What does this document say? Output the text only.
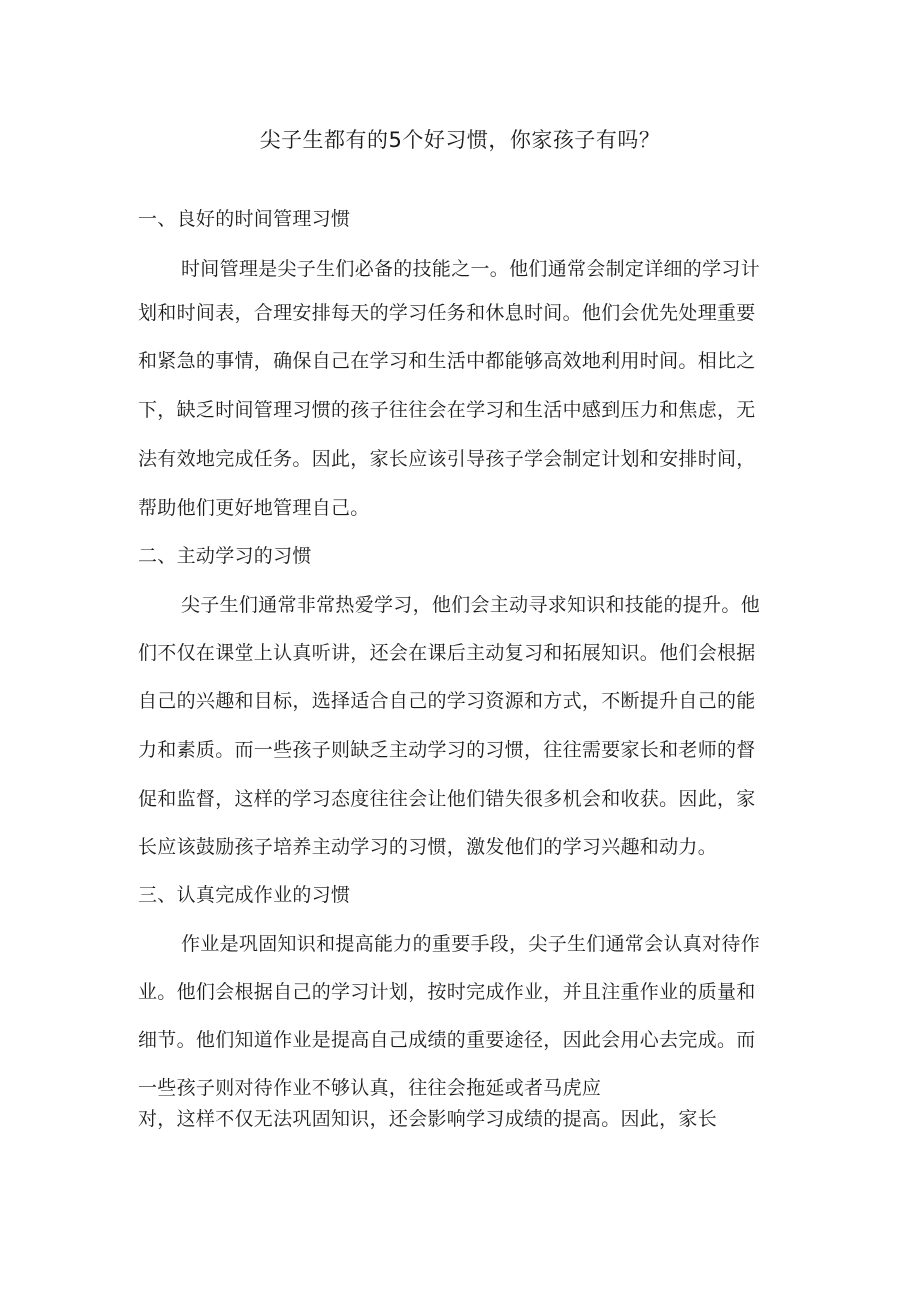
尖子生都有的5个好习惯，你家孩子有吗？

一、良好的时间管理习惯

时间管理是尖子生们必备的技能之一。他们通常会制定详细的学习计

划和时间表，合理安排每天的学习任务和休息时间。他们会优先处理重要

和紧急的事情，确保自己在学习和生活中都能够高效地利用时间。相比之

下，缺乏时间管理习惯的孩子往往会在学习和生活中感到压力和焦虑，无

法有效地完成任务。因此，家长应该引导孩子学会制定计划和安排时间，

帮助他们更好地管理自己。

二、主动学习的习惯

尖子生们通常非常热爱学习，他们会主动寻求知识和技能的提升。他

们不仅在课堂上认真听讲，还会在课后主动复习和拓展知识。他们会根据

自己的兴趣和目标，选择适合自己的学习资源和方式，不断提升自己的能

力和素质。而一些孩子则缺乏主动学习的习惯，往往需要家长和老师的督

促和监督，这样的学习态度往往会让他们错失很多机会和收获。因此，家

长应该鼓励孩子培养主动学习的习惯，激发他们的学习兴趣和动力。

三、认真完成作业的习惯

作业是巩固知识和提高能力的重要手段，尖子生们通常会认真对待作

业。他们会根据自己的学习计划，按时完成作业，并且注重作业的质量和

细节。他们知道作业是提高自己成绩的重要途径，因此会用心去完成。而

一些孩子则对待作业不够认真，往往会拖延或者马虎应

对，这样不仅无法巩固知识，还会影响学习成绩的提高。因此，家长
